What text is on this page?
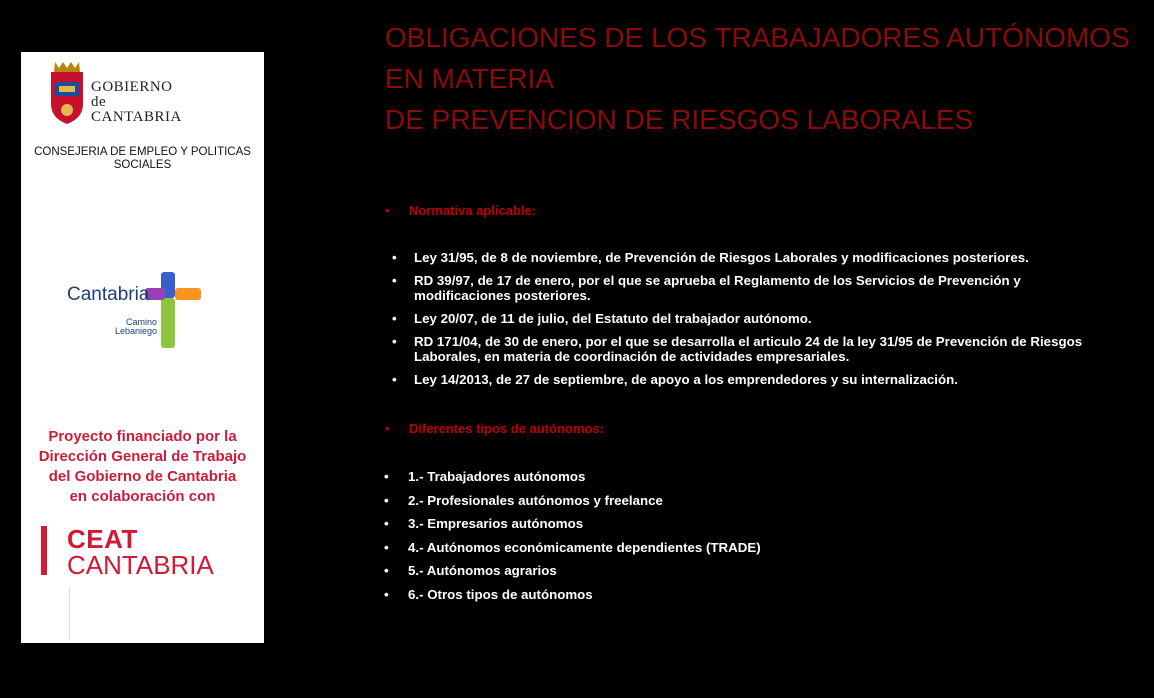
GOBIERNO
de
CANTABRIA
CONSEJERIA DE EMPLEO Y POLITICAS
SOCIALES
Cantabria
Camino
Lebaniego
Proyecto financiado por la
Dirección General de Trabajo
del Gobierno de Cantabria
en colaboración con
CEAT
CANTABRIA
OBLIGACIONES DE LOS TRABAJADORES AUTÓNOMOS
EN MATERIA
DE PREVENCION DE RIESGOS LABORALES
• Normativa aplicable:
• Ley 31/95, de 8 de noviembre, de Prevención de Riesgos Laborales y modificaciones posteriores.
• RD 39/97, de 17 de enero, por el que se aprueba el Reglamento de los Servicios de Prevención y
modificaciones posteriores.
• Ley 20/07, de 11 de julio, del Estatuto del trabajador autónomo.
• RD 171/04, de 30 de enero, por el que se desarrolla el articulo 24 de la ley 31/95 de Prevención de Riesgos
Laborales, en materia de coordinación de actividades empresariales.
• Ley 14/2013, de 27 de septiembre, de apoyo a los emprendedores y su internalización.
• Diferentes tipos de autónomos:
• 1.- Trabajadores autónomos
• 2.- Profesionales autónomos y freelance
• 3.- Empresarios autónomos
• 4.- Autónomos económicamente dependientes (TRADE)
• 5.- Autónomos agrarios
• 6.- Otros tipos de autónomos
